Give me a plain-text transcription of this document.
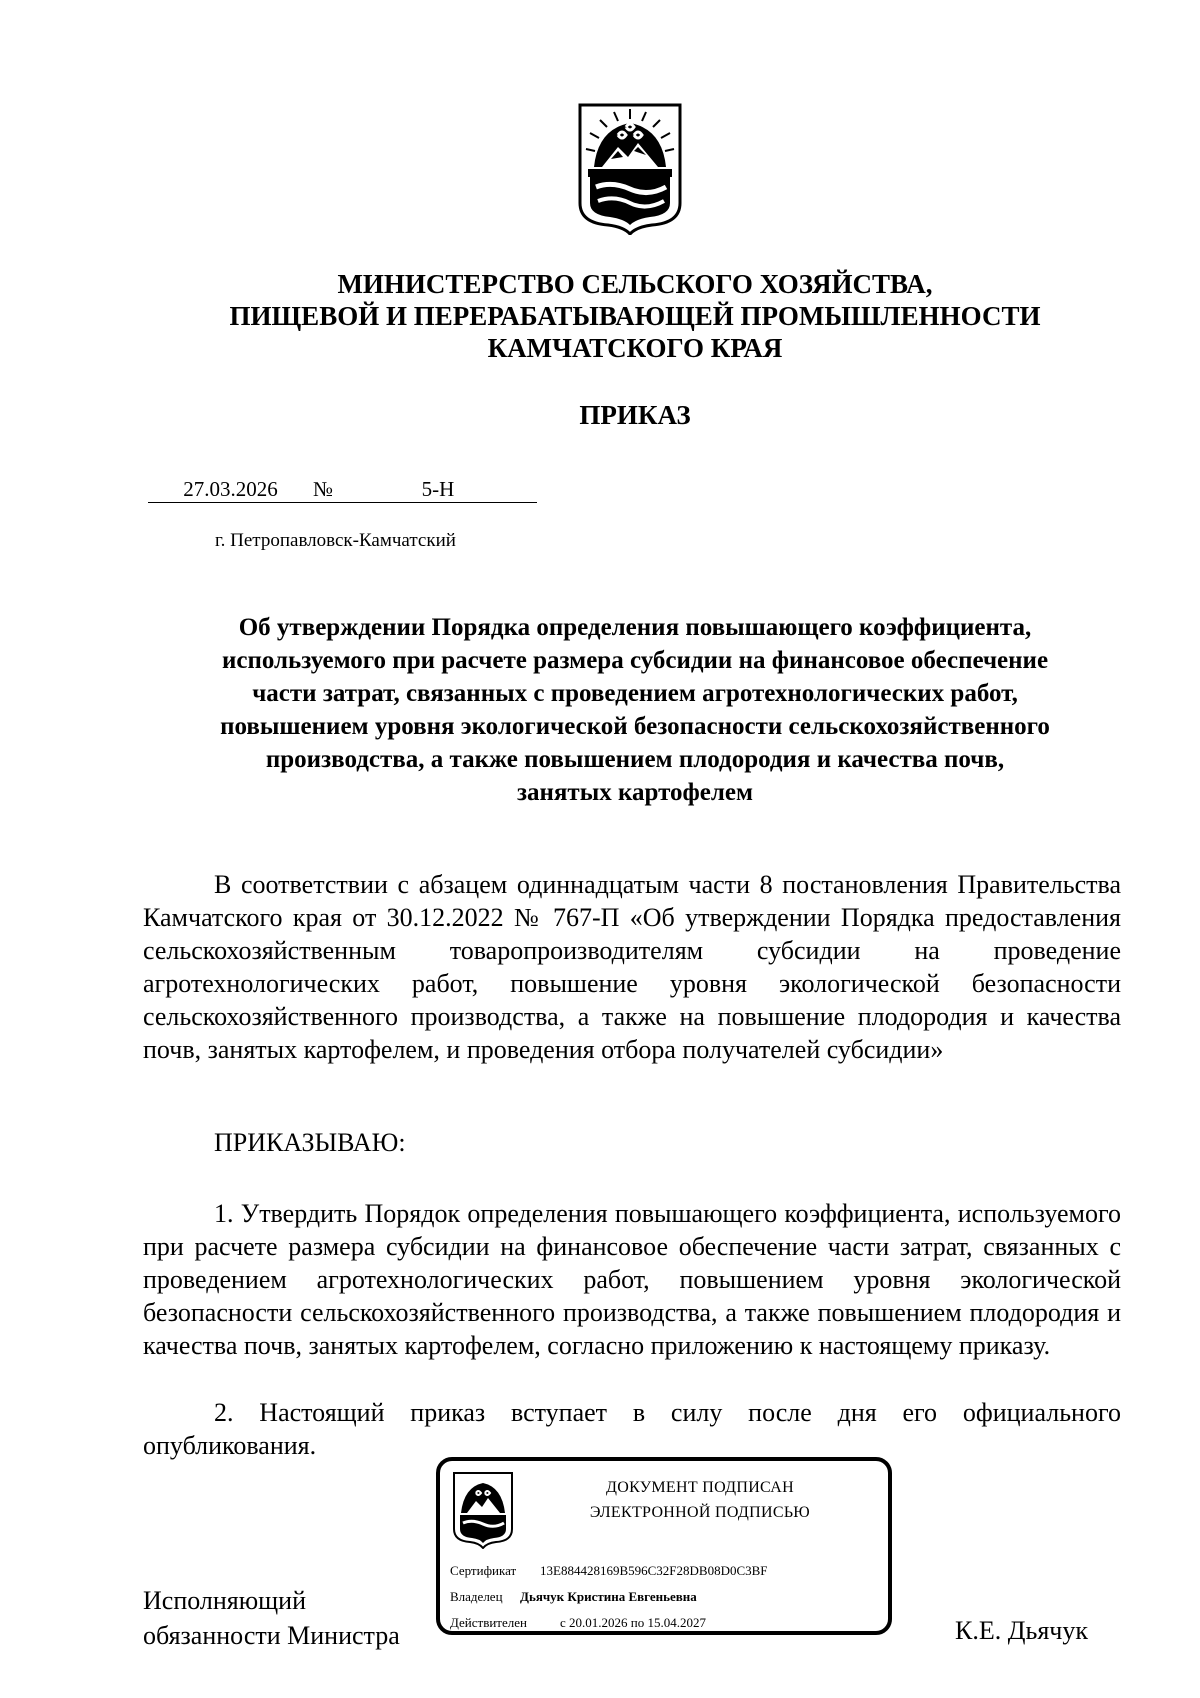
МИНИСТЕРСТВО СЕЛЬСКОГО ХОЗЯЙСТВА,
ПИЩЕВОЙ И ПЕРЕРАБАТЫВАЮЩЕЙ ПРОМЫШЛЕННОСТИ
КАМЧАТСКОГО КРАЯ
ПРИКАЗ
27.03.2026 №	5-Н
г. Петропавловск-Камчатский
Об утверждении Порядка определения повышающего коэффициента,
используемого при расчете размера субсидии на финансовое обеспечение
части затрат, связанных с проведением агротехнологических работ,
повышением уровня экологической безопасности сельскохозяйственного
производства, а также повышением плодородия и качества почв,
занятых картофелем
В соответствии с абзацем одиннадцатым части 8 постановления Правительства Камчатского края от 30.12.2022 № 767-П «Об утверждении Порядка предоставления сельскохозяйственным товаропроизводителям субсидии на проведение агротехнологических работ, повышение уровня экологической безопасности сельскохозяйственного производства, а также на повышение плодородия и качества почв, занятых картофелем, и проведения отбора получателей субсидии»
ПРИКАЗЫВАЮ:
1. Утвердить Порядок определения повышающего коэффициента, используемого при расчете размера субсидии на финансовое обеспечение части затрат, связанных с проведением агротехнологических работ, повышением уровня экологической безопасности сельскохозяйственного производства, а также повышением плодородия и качества почв, занятых картофелем, согласно приложению к настоящему приказу.
2. Настоящий приказ вступает в силу после дня его официального опубликования.
Исполняющий
обязанности Министра
ДОКУМЕНТ ПОДПИСАН
ЭЛЕКТРОННОЙ ПОДПИСЬЮ
Сертификат 13E884428169B596C32F28DB08D0C3BF
Владелец Дьячук Кристина Евгеньевна
Действителен	с 20.01.2026 по 15.04.2027	К.Е. Дьячук
